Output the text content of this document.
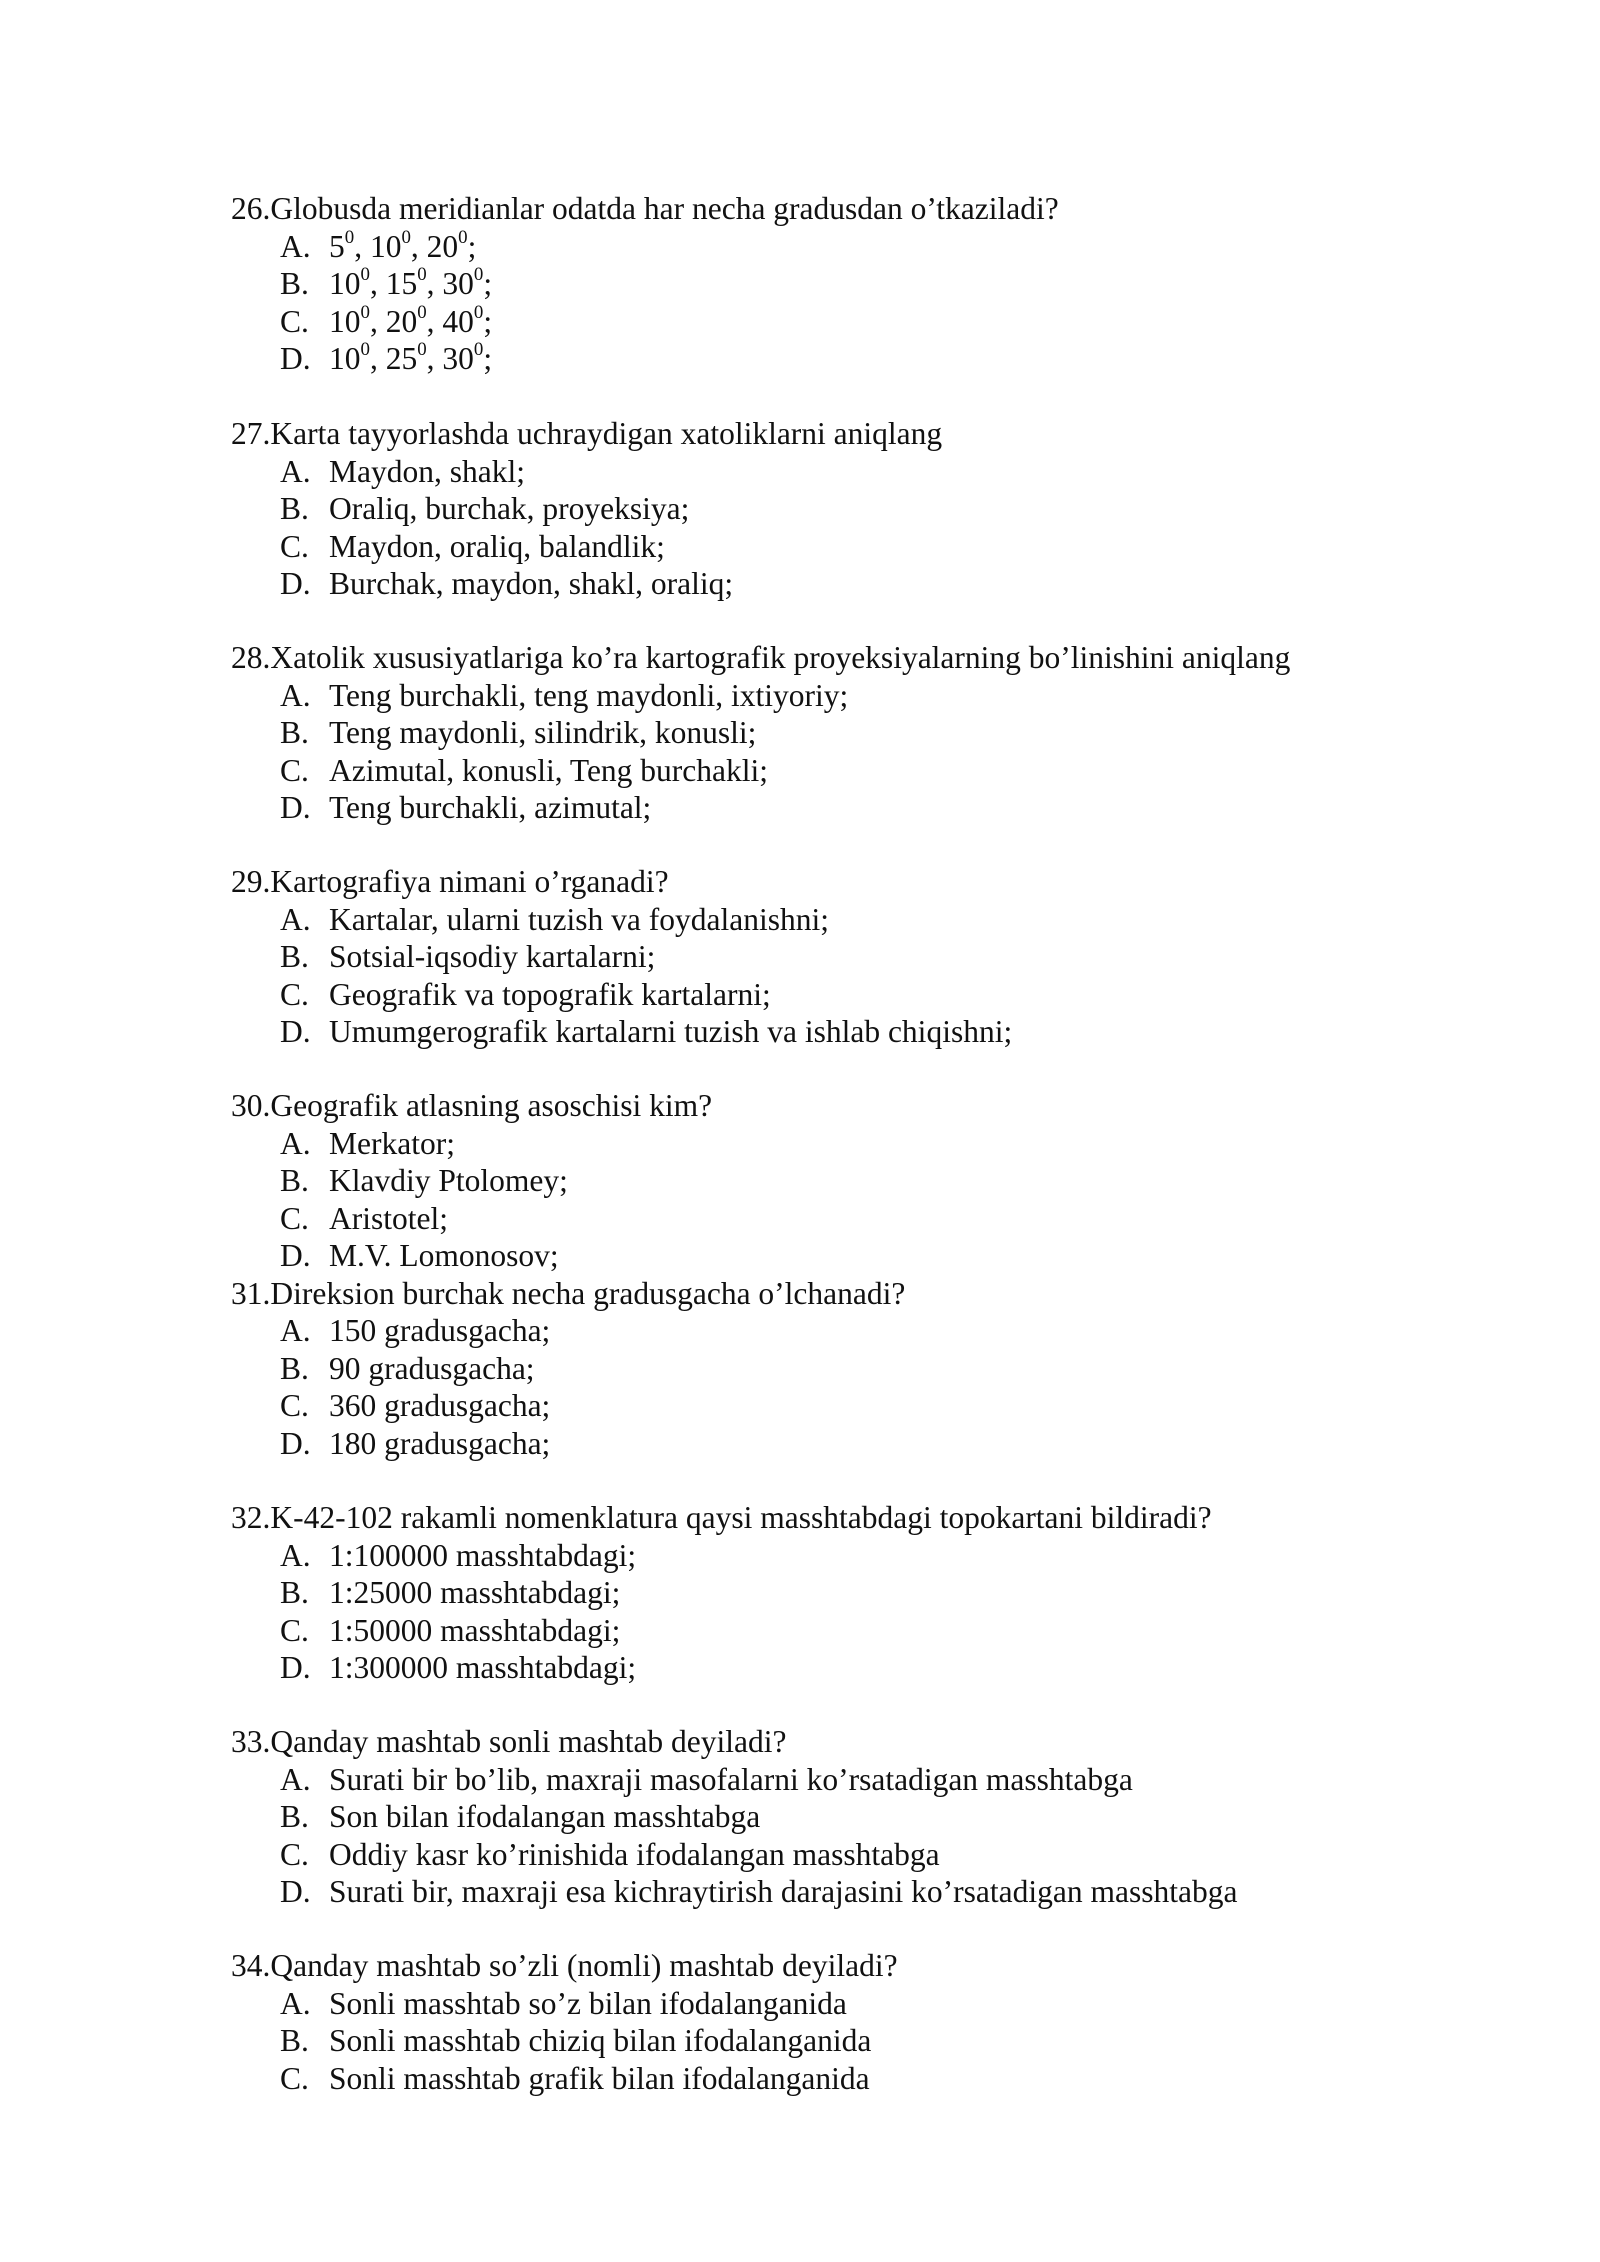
26.Globusda meridianlar odatda har necha gradusdan o’tkaziladi?
A. $5^0$, $10^0$, $20^0$;
B. $10^0$, $15^0$, $30^0$;
C. $10^0$, $20^0$, $40^0$;
D. $10^0$, $25^0$, $30^0$;
27.Karta tayyorlashda uchraydigan xatoliklarni aniqlang
A. Maydon, shakl;
B. Oraliq, burchak, proyeksiya;
C. Maydon, oraliq, balandlik;
D. Burchak, maydon, shakl, oraliq;
28.Xatolik xususiyatlariga ko’ra kartografik proyeksiyalarning bo’linishini aniqlang
A. Teng burchakli, teng maydonli, ixtiyoriy;
B. Teng maydonli, silindrik, konusli;
C. Azimutal, konusli, Teng burchakli;
D. Teng burchakli, azimutal;
29.Kartografiya nimani o’rganadi?
A. Kartalar, ularni tuzish va foydalanishni;
B. Sotsial-iqsodiy kartalarni;
C. Geografik va topografik kartalarni;
D. Umumgerografik kartalarni tuzish va ishlab chiqishni;
30.Geografik atlasning asoschisi kim?
A. Merkator;
B. Klavdiy Ptolomey;
C. Aristotel;
D. M.V. Lomonosov;
31.Direksion burchak necha gradusgacha o’lchanadi?
A. 150 gradusgacha;
B. 90 gradusgacha;
C. 360 gradusgacha;
D. 180 gradusgacha;
32.K-42-102 rakamli nomenklatura qaysi masshtabdagi topokartani bildiradi?
A. 1:100000 masshtabdagi;
B. 1:25000 masshtabdagi;
C. 1:50000 masshtabdagi;
D. 1:300000 masshtabdagi;
33.Qanday mashtab sonli mashtab deyiladi?
A. Surati bir bo’lib, maxraji masofalarni ko’rsatadigan masshtabga
B. Son bilan ifodalangan masshtabga
C. Oddiy kasr ko’rinishida ifodalangan masshtabga
D. Surati bir, maxraji esa kichraytirish darajasini ko’rsatadigan masshtabga
34.Qanday mashtab so’zli (nomli) mashtab deyiladi?
A. Sonli masshtab so’z bilan ifodalanganida
B. Sonli masshtab chiziq bilan ifodalanganida
C. Sonli masshtab grafik bilan ifodalanganida
